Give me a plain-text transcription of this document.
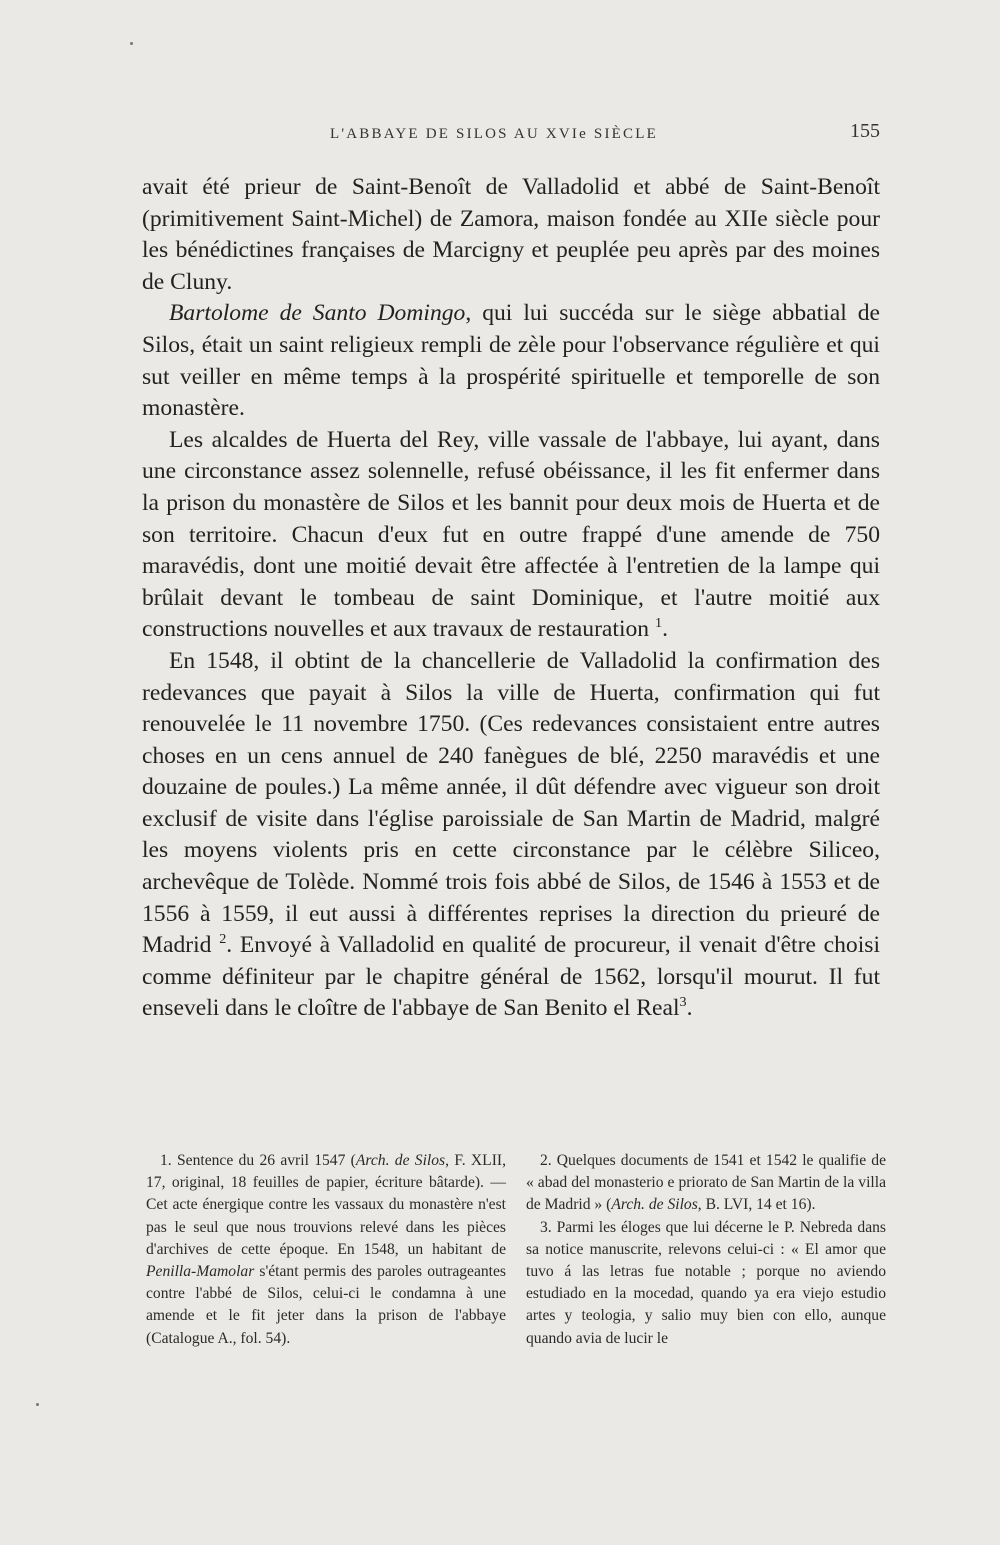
L'ABBAYE DE SILOS AU XVIe SIÈCLE	155

avait été prieur de Saint-Benoît de Valladolid et abbé de Saint-Benoît (primitivement Saint-Michel) de Zamora, maison fondée au XIIe siècle pour les bénédictines françaises de Marcigny et peuplée peu après par des moines de Cluny.

Bartolome de Santo Domingo, qui lui succéda sur le siège abbatial de Silos, était un saint religieux rempli de zèle pour l'observance régulière et qui sut veiller en même temps à la prospérité spirituelle et temporelle de son monastère.

Les alcaldes de Huerta del Rey, ville vassale de l'abbaye, lui ayant, dans une circonstance assez solennelle, refusé obéissance, il les fit enfermer dans la prison du monastère de Silos et les bannit pour deux mois de Huerta et de son territoire. Chacun d'eux fut en outre frappé d'une amende de 750 maravédis, dont une moitié devait être affectée à l'entretien de la lampe qui brûlait devant le tombeau de saint Dominique, et l'autre moitié aux constructions nouvelles et aux travaux de restauration $^1$.

En 1548, il obtint de la chancellerie de Valladolid la confirmation des redevances que payait à Silos la ville de Huerta, confirmation qui fut renouvelée le 11 novembre 1750. (Ces redevances consistaient entre autres choses en un cens annuel de 240 fanègues de blé, 2250 maravédis et une douzaine de poules.) La même année, il dût défendre avec vigueur son droit exclusif de visite dans l'église paroissiale de San Martin de Madrid, malgré les moyens violents pris en cette circonstance par le célèbre Siliceo, archevêque de Tolède. Nommé trois fois abbé de Silos, de 1546 à 1553 et de 1556 à 1559, il eut aussi à différentes reprises la direction du prieuré de Madrid $^2$. Envoyé à Valladolid en qualité de procureur, il venait d'être choisi comme définiteur par le chapitre général de 1562, lorsqu'il mourut. Il fut enseveli dans le cloître de l'abbaye de San Benito el Real$^3$.

1. Sentence du 26 avril 1547 (Arch. de Silos, F. XLII, 17, original, 18 feuilles de papier, écriture bâtarde). — Cet acte énergique contre les vassaux du monastère n'est pas le seul que nous trouvions relevé dans les pièces d'archives de cette époque. En 1548, un habitant de Penilla-Mamolar s'étant permis des paroles outrageantes contre l'abbé de Silos, celui-ci le condamna à une amende et le fit jeter dans la prison de l'abbaye (Catalogue A., fol. 54).

2. Quelques documents de 1541 et 1542 le qualifie de « abad del monasterio e priorato de San Martin de la villa de Madrid » (Arch. de Silos, B. LVI, 14 et 16).

3. Parmi les éloges que lui décerne le P. Nebreda dans sa notice manuscrite, relevons celui-ci : « El amor que tuvo á las letras fue notable ; porque no aviendo estudiado en la mocedad, quando ya era viejo estudio artes y teologia, y salio muy bien con ello, aunque quando avia de lucir le
